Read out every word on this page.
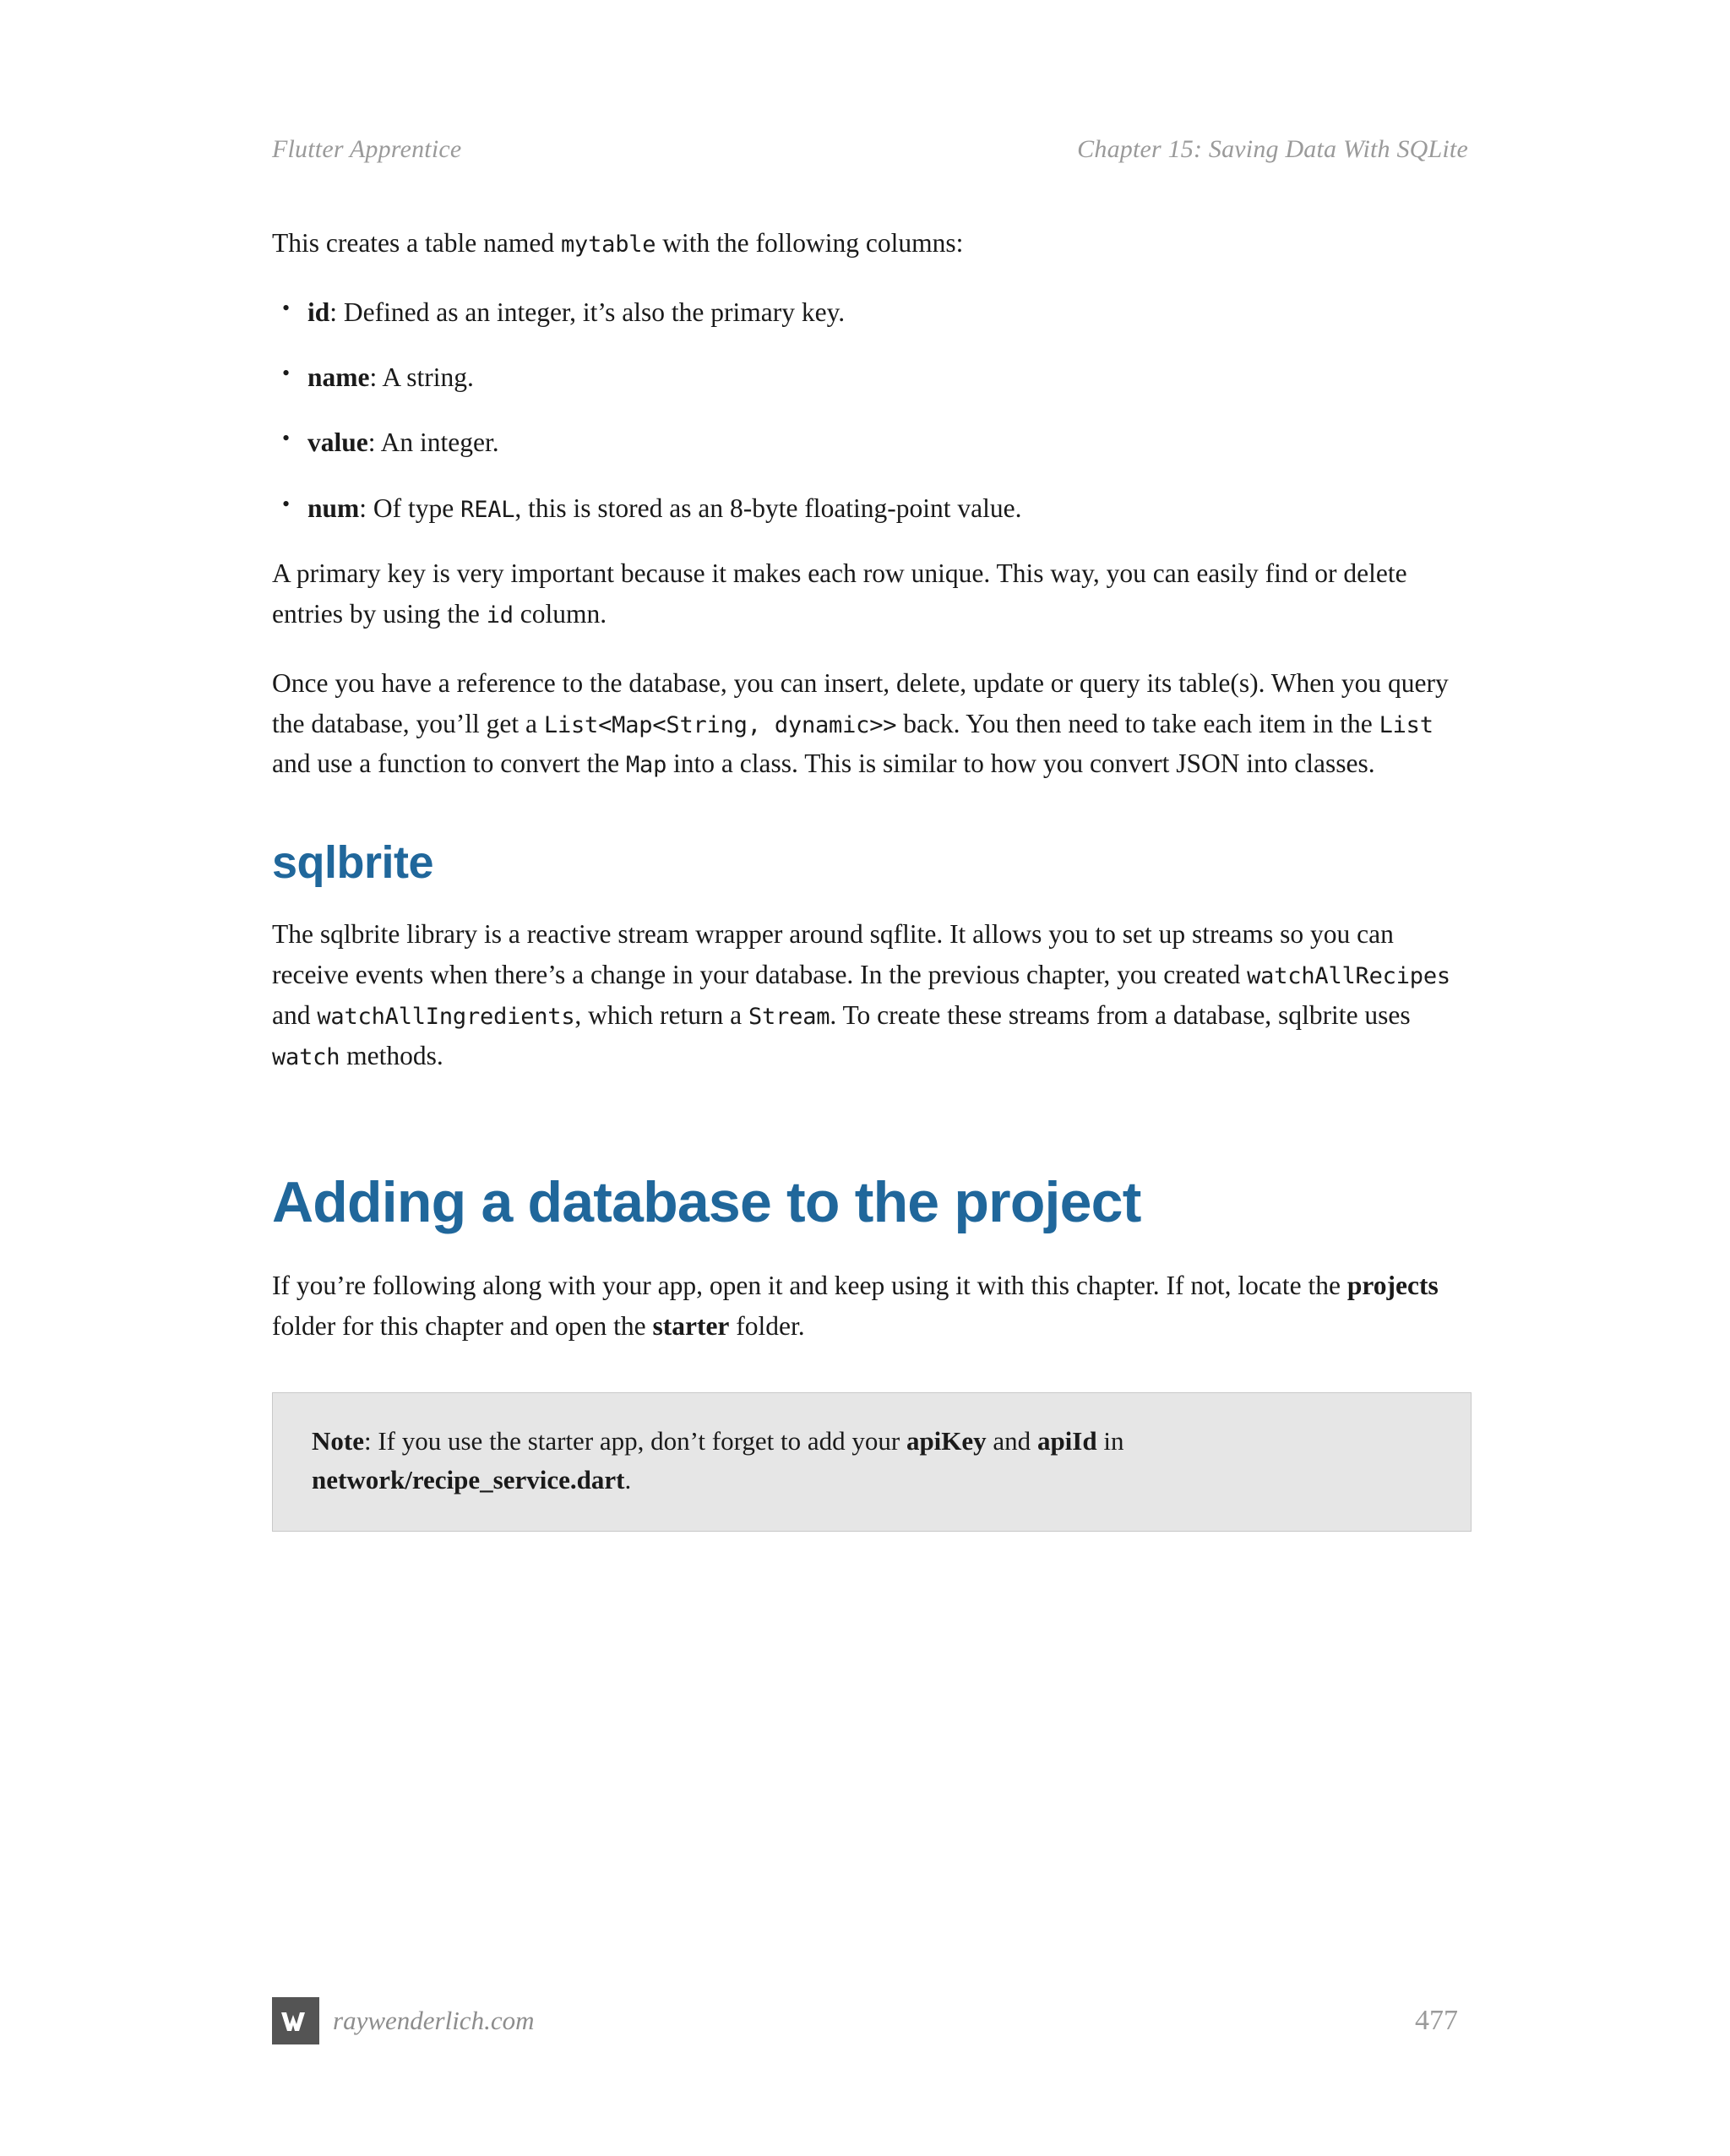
Flutter Apprentice	Chapter 15: Saving Data With SQLite

This creates a table named mytable with the following columns:

• id: Defined as an integer, it’s also the primary key.
• name: A string.
• value: An integer.
• num: Of type REAL, this is stored as an 8-byte floating-point value.

A primary key is very important because it makes each row unique. This way, you can easily find or delete entries by using the id column.

Once you have a reference to the database, you can insert, delete, update or query its table(s). When you query the database, you’ll get a List<Map<String, dynamic>> back. You then need to take each item in the List and use a function to convert the Map into a class. This is similar to how you convert JSON into classes.

sqlbrite

The sqlbrite library is a reactive stream wrapper around sqflite. It allows you to set up streams so you can receive events when there’s a change in your database. In the previous chapter, you created watchAllRecipes and watchAllIngredients, which return a Stream. To create these streams from a database, sqlbrite uses watch methods.

Adding a database to the project

If you’re following along with your app, open it and keep using it with this chapter. If not, locate the projects folder for this chapter and open the starter folder.

Note: If you use the starter app, don’t forget to add your apiKey and apiId in network/recipe_service.dart.
raywenderlich.com	477
